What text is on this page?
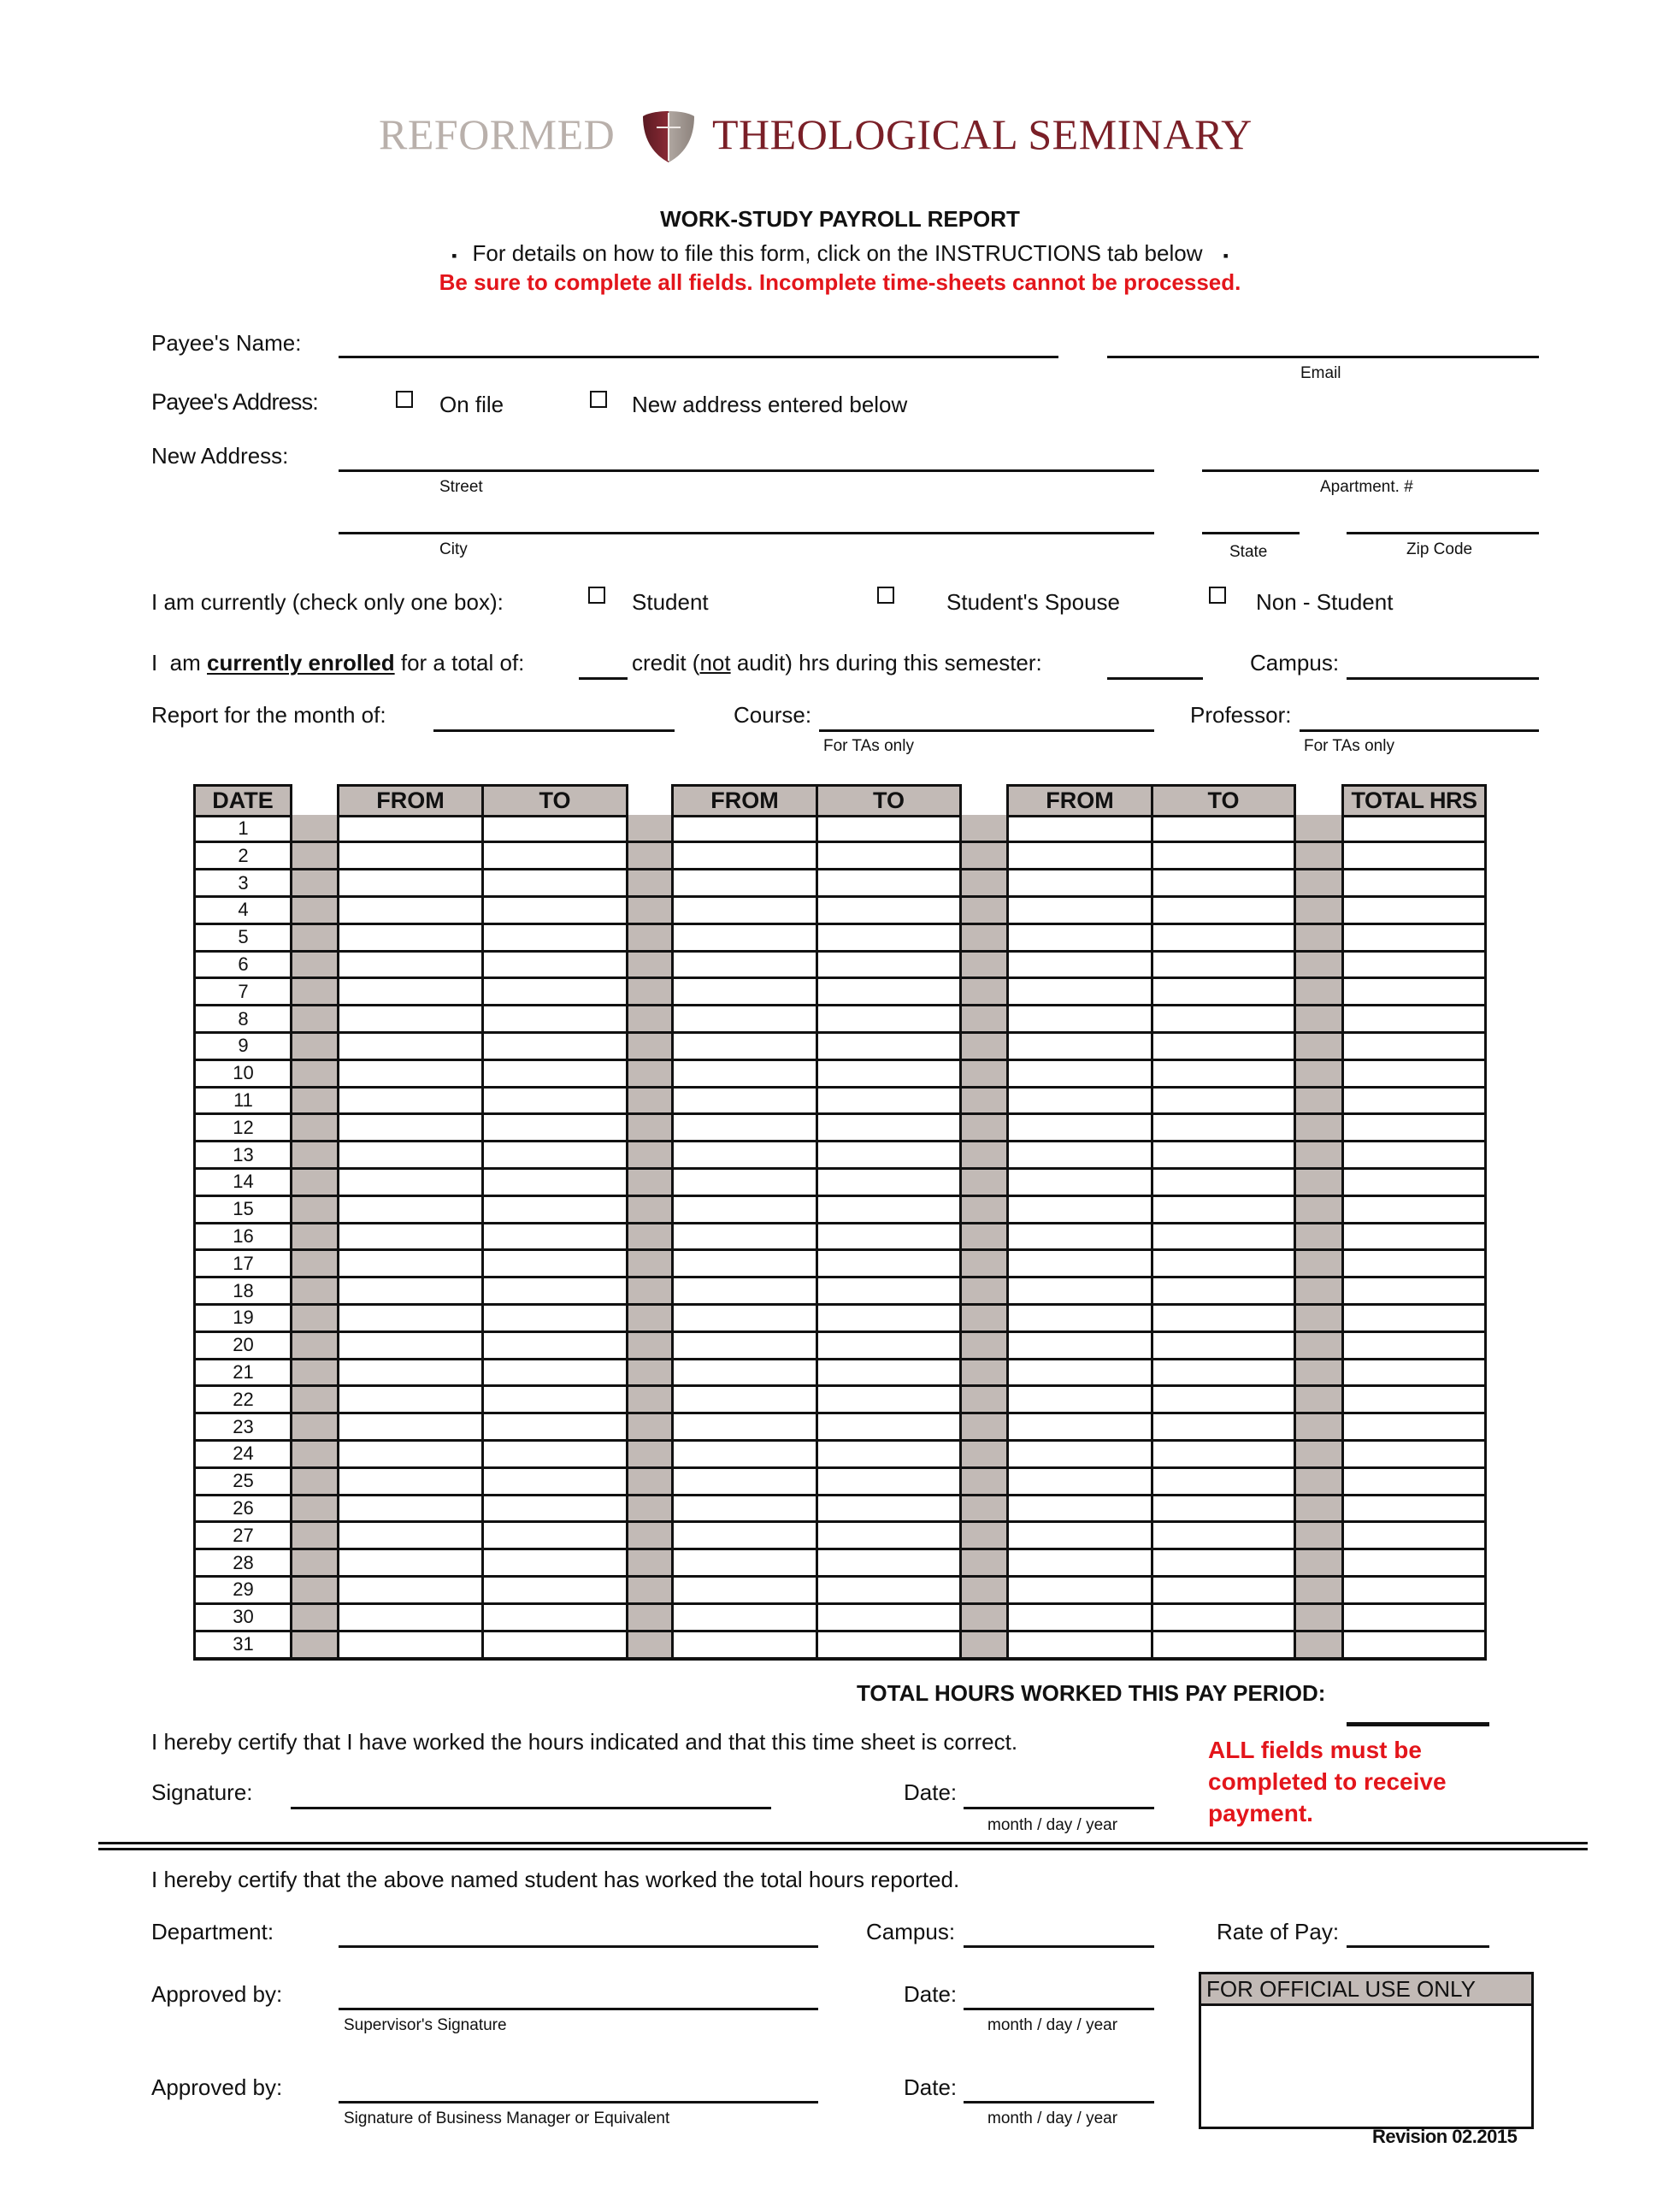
REFORMED THEOLOGICAL SEMINARY
WORK-STUDY PAYROLL REPORT
▪ For details on how to file this form, click on the INSTRUCTIONS tab below ▪
Be sure to complete all fields. Incomplete time-sheets cannot be processed.
Payee's Name:
Email
Payee's Address:	On file	New address entered below
New Address:
Street	Apartment. #
City	State	Zip Code
I am currently (check only one box):	Student	Student's Spouse	Non - Student
I  am currently enrolled for a total of:	credit (not audit) hrs during this semester:	Campus:
Report for the month of:	Course:
For TAs only
Professor:
For TAs only
DATE	FROM	TO	FROM	TO	FROM	TO	TOTAL HRS
1
2
3
4
5
6
7
8
9
10
11
12
13
14
15
16
17
18
19
20
21
22
23
24
25
26
27
28
29
30
31
TOTAL HOURS WORKED THIS PAY PERIOD:
I hereby certify that I have worked the hours indicated and that this time sheet is correct.
Signature:	Date:
month / day / year
ALL fields must be
completed to receive
payment.
I hereby certify that the above named student has worked the total hours reported.
Department:	Campus:	Rate of Pay:
Approved by:
Supervisor's Signature
Date:
month / day / year
Approved by:
Signature of Business Manager or Equivalent
Date:
month / day / year
FOR OFFICIAL USE ONLY
Revision 02.2015
